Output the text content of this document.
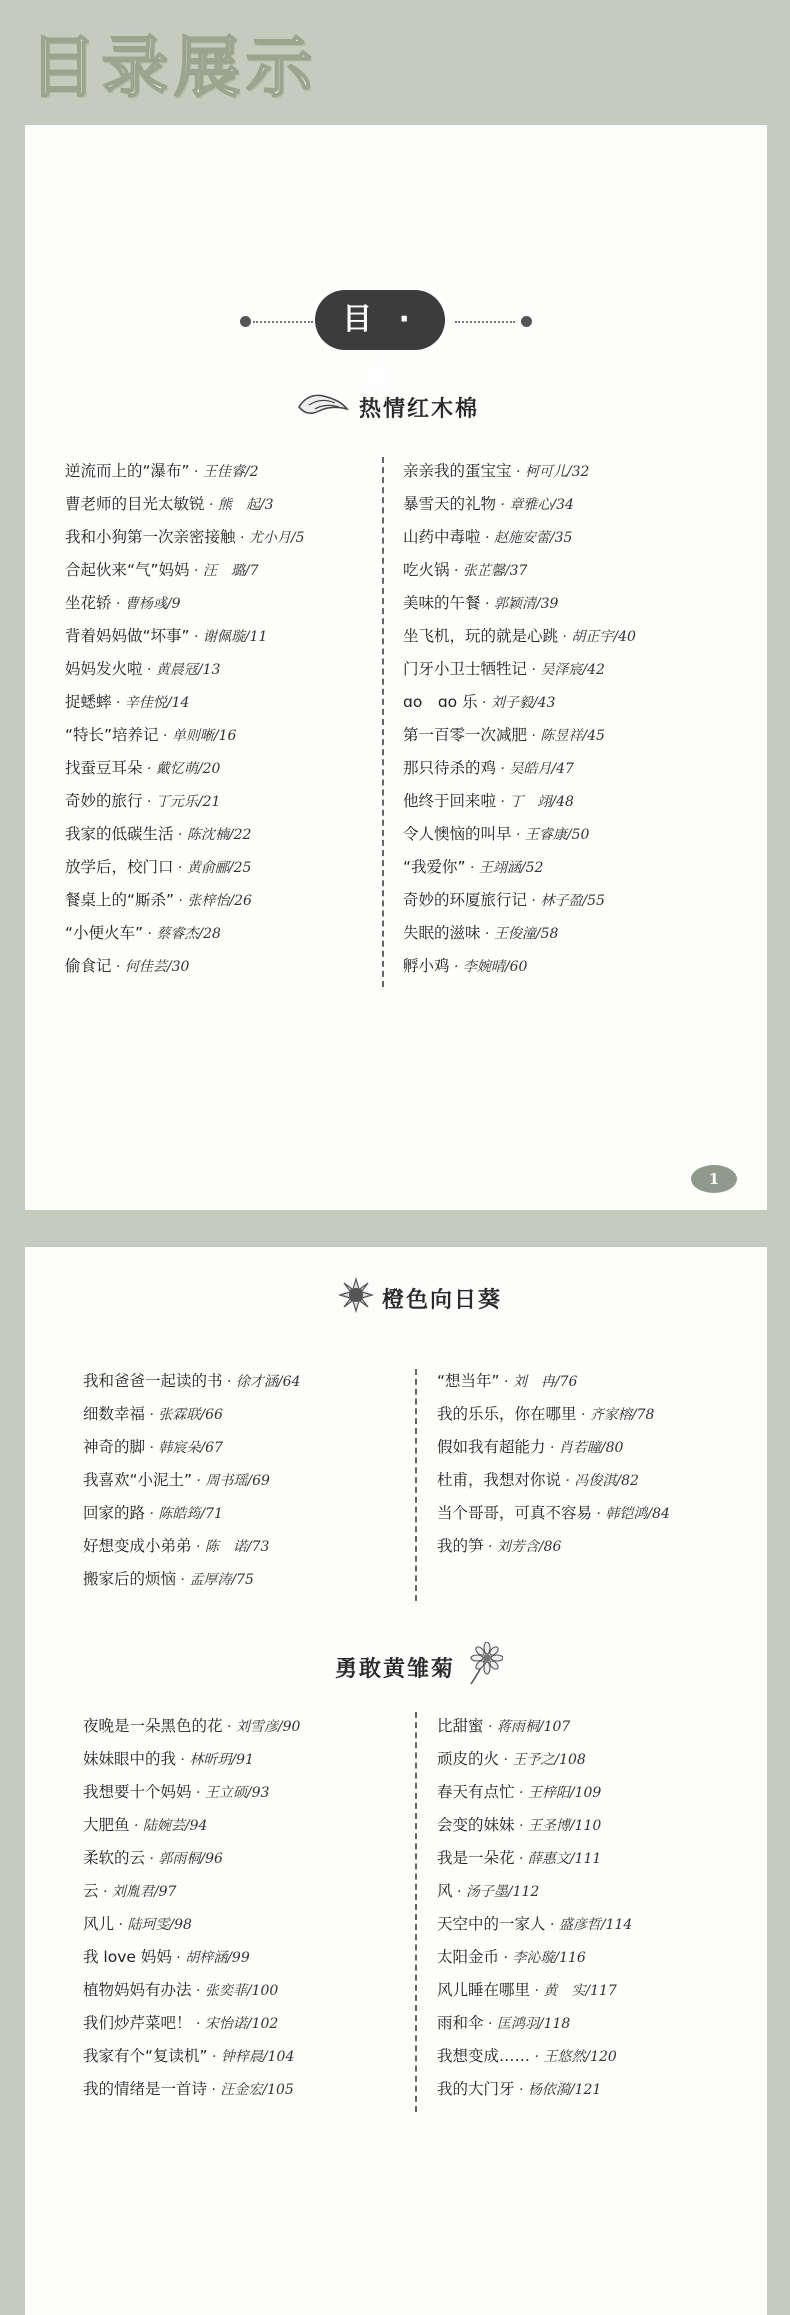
目录展示
目 · 录
热情红木棉
逆流而上的“瀑布” · 王佳睿/2
曹老师的目光太敏锐 · 熊　起/3
我和小狗第一次亲密接触 · 尤小月/5
合起伙来“气”妈妈 · 汪　璐/7
坐花轿 · 曹杨彧/9
背着妈妈做“坏事” · 谢佩璇/11
妈妈发火啦 · 黄晨冦/13
捉蟋蟀 · 辛佳悦/14
“特长”培养记 · 单则晰/16
找蚕豆耳朵 · 戴忆萌/20
奇妙的旅行 · 丁元乐/21
我家的低碳生活 · 陈沈楠/22
放学后，校门口 · 黄俞郦/25
餐桌上的“厮杀” · 张梓怡/26
“小便火车” · 蔡睿杰/28
偷食记 · 何佳芸/30
亲亲我的蛋宝宝 · 柯可儿/32
暴雪天的礼物 · 章雅心/34
山药中毒啦 · 赵施安蕾/35
吃火锅 · 张芷馨/37
美味的午餐 · 郭颖清/39
坐飞机，玩的就是心跳 · 胡正宇/40
门牙小卫士牺牲记 · 吴泽宸/42
ɑo　ɑo 乐 · 刘子毅/43
第一百零一次减肥 · 陈昱祥/45
那只待杀的鸡 · 吴皓月/47
他终于回来啦 · 丁　翊/48
令人懊恼的叫早 · 王睿康/50
“我爱你” · 王翊涵/52
奇妙的环厦旅行记 · 林子盈/55
失眠的滋味 · 王俊潼/58
孵小鸡 · 李婉晴/60
1
橙色向日葵
我和爸爸一起读的书 · 徐才涵/64
细数幸福 · 张霖联/66
神奇的脚 · 韩宸朵/67
我喜欢“小泥土” · 周书瑶/69
回家的路 · 陈皓筠/71
好想变成小弟弟 · 陈　诺/73
搬家后的烦恼 · 孟厚涛/75
“想当年” · 刘　冉/76
我的乐乐，你在哪里 · 齐家榕/78
假如我有超能力 · 肖若瞳/80
杜甫，我想对你说 · 冯俊淇/82
当个哥哥，可真不容易 · 韩铠鸿/84
我的笋 · 刘芳含/86
勇敢黄雏菊
夜晚是一朵黑色的花 · 刘雪彦/90
妹妹眼中的我 · 林昕玥/91
我想要十个妈妈 · 王立硕/93
大肥鱼 · 陆婉芸/94
柔软的云 · 郭雨桐/96
云 · 刘胤君/97
风儿 · 陆珂雯/98
我 love 妈妈 · 胡梓涵/99
植物妈妈有办法 · 张奕菲/100
我们炒芹菜吧！ · 宋怡诺/102
我家有个“复读机” · 钟梓晨/104
我的情绪是一首诗 · 汪金宏/105
比甜蜜 · 蒋雨桐/107
顽皮的火 · 王予之/108
春天有点忙 · 王梓阳/109
会变的妹妹 · 王圣博/110
我是一朵花 · 薛惠文/111
风 · 汤子墨/112
天空中的一家人 · 盛彦哲/114
太阳金币 · 李沁璇/116
风儿睡在哪里 · 黄　实/117
雨和伞 · 匡鸿羽/118
我想变成…… · 王悠然/120
我的大门牙 · 杨依漪/121
